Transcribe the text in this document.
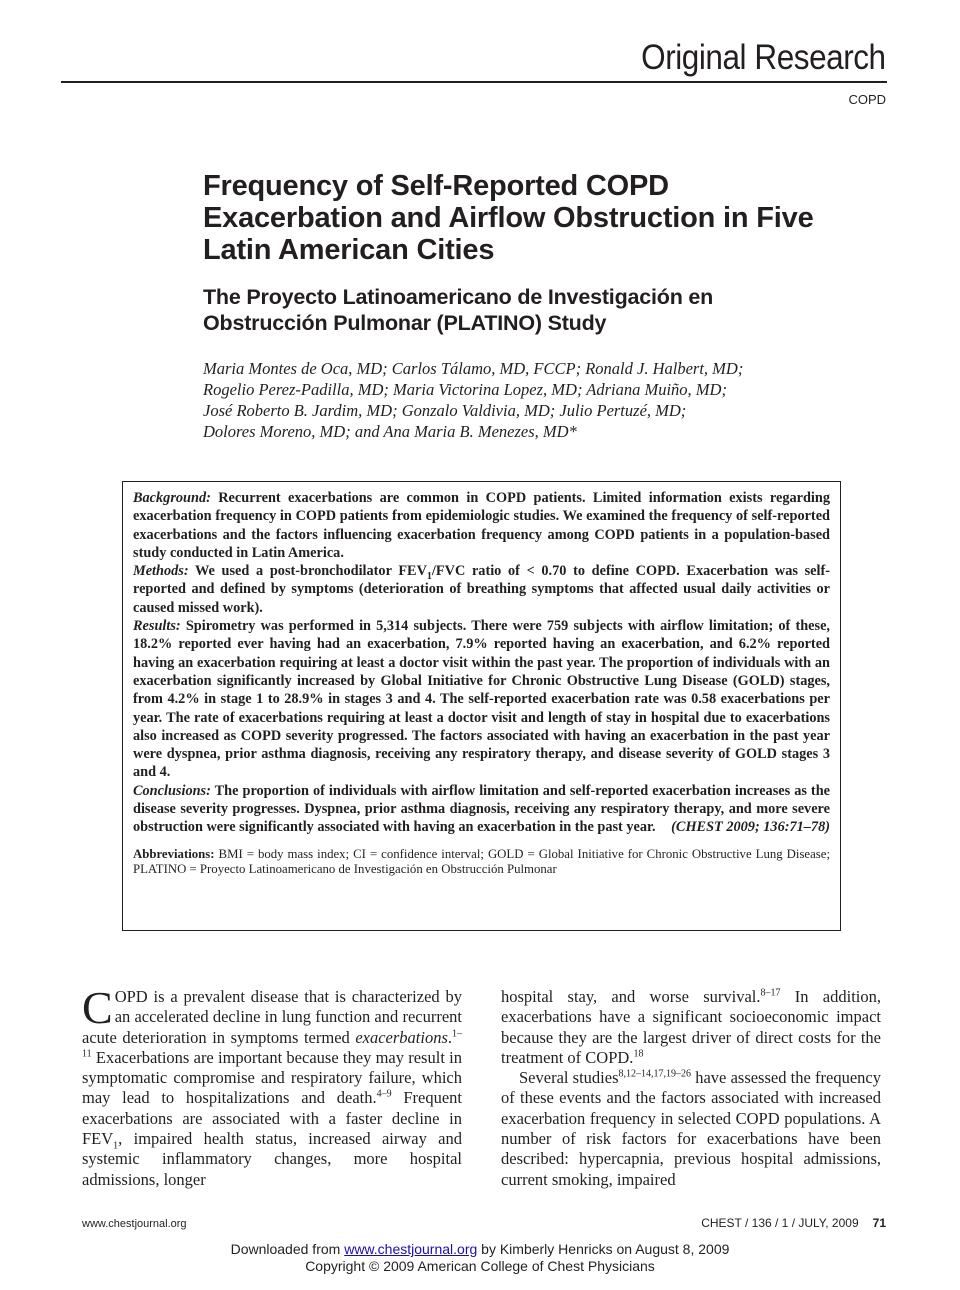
Original Research
COPD
Frequency of Self-Reported COPD Exacerbation and Airflow Obstruction in Five Latin American Cities
The Proyecto Latinoamericano de Investigación en Obstrucción Pulmonar (PLATINO) Study
Maria Montes de Oca, MD; Carlos Tálamo, MD, FCCP; Ronald J. Halbert, MD;
Rogelio Perez-Padilla, MD; Maria Victorina Lopez, MD; Adriana Muiño, MD;
José Roberto B. Jardim, MD; Gonzalo Valdivia, MD; Julio Pertuzé, MD;
Dolores Moreno, MD; and Ana Maria B. Menezes, MD*

Background: Recurrent exacerbations are common in COPD patients. Limited information exists regarding exacerbation frequency in COPD patients from epidemiologic studies. We examined the frequency of self-reported exacerbations and the factors influencing exacerbation frequency among COPD patients in a population-based study conducted in Latin America.

Methods: We used a post-bronchodilator $FEV_1$/FVC ratio of < 0.70 to define COPD. Exacerbation was self-reported and defined by symptoms (deterioration of breathing symptoms that affected usual daily activities or caused missed work).

Results: Spirometry was performed in 5,314 subjects. There were 759 subjects with airflow limitation; of these, 18.2% reported ever having had an exacerbation, 7.9% reported having an exacerbation, and 6.2% reported having an exacerbation requiring at least a doctor visit within the past year. The proportion of individuals with an exacerbation significantly increased by Global Initiative for Chronic Obstructive Lung Disease (GOLD) stages, from 4.2% in stage 1 to 28.9% in stages 3 and 4. The self-reported exacerbation rate was 0.58 exacerbations per year. The rate of exacerbations requiring at least a doctor visit and length of stay in hospital due to exacerbations also increased as COPD severity progressed. The factors associated with having an exacerbation in the past year were dyspnea, prior asthma diagnosis, receiving any respiratory therapy, and disease severity of GOLD stages 3 and 4.

Conclusions: The proportion of individuals with airflow limitation and self-reported exacerbation increases as the disease severity progresses. Dyspnea, prior asthma diagnosis, receiving any respiratory therapy, and more severe obstruction were significantly associated with having an exacerbation in the past year. (CHEST 2009; 136:71–78)

Abbreviations: BMI = body mass index; CI = confidence interval; GOLD = Global Initiative for Chronic Obstructive Lung Disease; PLATINO = Proyecto Latinoamericano de Investigación en Obstrucción Pulmonar

COPD is a prevalent disease that is characterized by an accelerated decline in lung function and recurrent acute deterioration in symptoms termed exacerbations.$^{1-11}$ Exacerbations are important because they may result in symptomatic compromise and respiratory failure, which may lead to hospitalizations and death.$^{4-9}$ Frequent exacerbations are associated with a faster decline in $FEV_1$, impaired health status, increased airway and systemic inflammatory changes, more hospital admissions, longer

hospital stay, and worse survival.$^{8-17}$ In addition, exacerbations have a significant socioeconomic impact because they are the largest driver of direct costs for the treatment of COPD.$^{18}$

Several studies$^{8,12-14,17,19-26}$ have assessed the frequency of these events and the factors associated with increased exacerbation frequency in selected COPD populations. A number of risk factors for exacerbations have been described: hypercapnia, previous hospital admissions, current smoking, impaired

www.chestjournal.org	CHEST / 136 / 1 / JULY, 2009 71
Downloaded from www.chestjournal.org by Kimberly Henricks on August 8, 2009
Copyright © 2009 American College of Chest Physicians
